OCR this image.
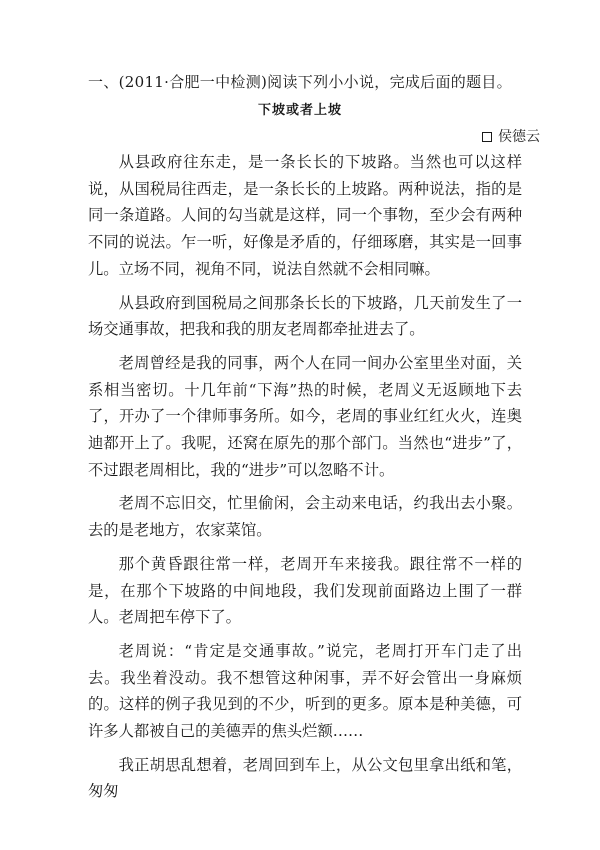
一、(2011·合肥一中检测)阅读下列小小说，完成后面的题目。
下坡或者上坡
侯德云

从县政府往东走，是一条长长的下坡路。当然也可以这样说，从国税局往西走，是一条长长的上坡路。两种说法，指的是同一条道路。人间的勾当就是这样，同一个事物，至少会有两种不同的说法。乍一听，好像是矛盾的，仔细琢磨，其实是一回事儿。立场不同，视角不同，说法自然就不会相同嘛。

从县政府到国税局之间那条长长的下坡路，几天前发生了一场交通事故，把我和我的朋友老周都牵扯进去了。

老周曾经是我的同事，两个人在同一间办公室里坐对面，关系相当密切。十几年前“下海”热的时候，老周义无返顾地下去了，开办了一个律师事务所。如今，老周的事业红红火火，连奥迪都开上了。我呢，还窝在原先的那个部门。当然也“进步”了，不过跟老周相比，我的“进步”可以忽略不计。

老周不忘旧交，忙里偷闲，会主动来电话，约我出去小聚。去的是老地方，农家菜馆。

那个黄昏跟往常一样，老周开车来接我。跟往常不一样的是，在那个下坡路的中间地段，我们发现前面路边上围了一群人。老周把车停下了。

老周说：“肯定是交通事故。”说完，老周打开车门走了出去。我坐着没动。我不想管这种闲事，弄不好会管出一身麻烦的。这样的例子我见到的不少，听到的更多。原本是种美德，可许多人都被自己的美德弄的焦头烂额……

我正胡思乱想着，老周回到车上，从公文包里拿出纸和笔，匆匆
